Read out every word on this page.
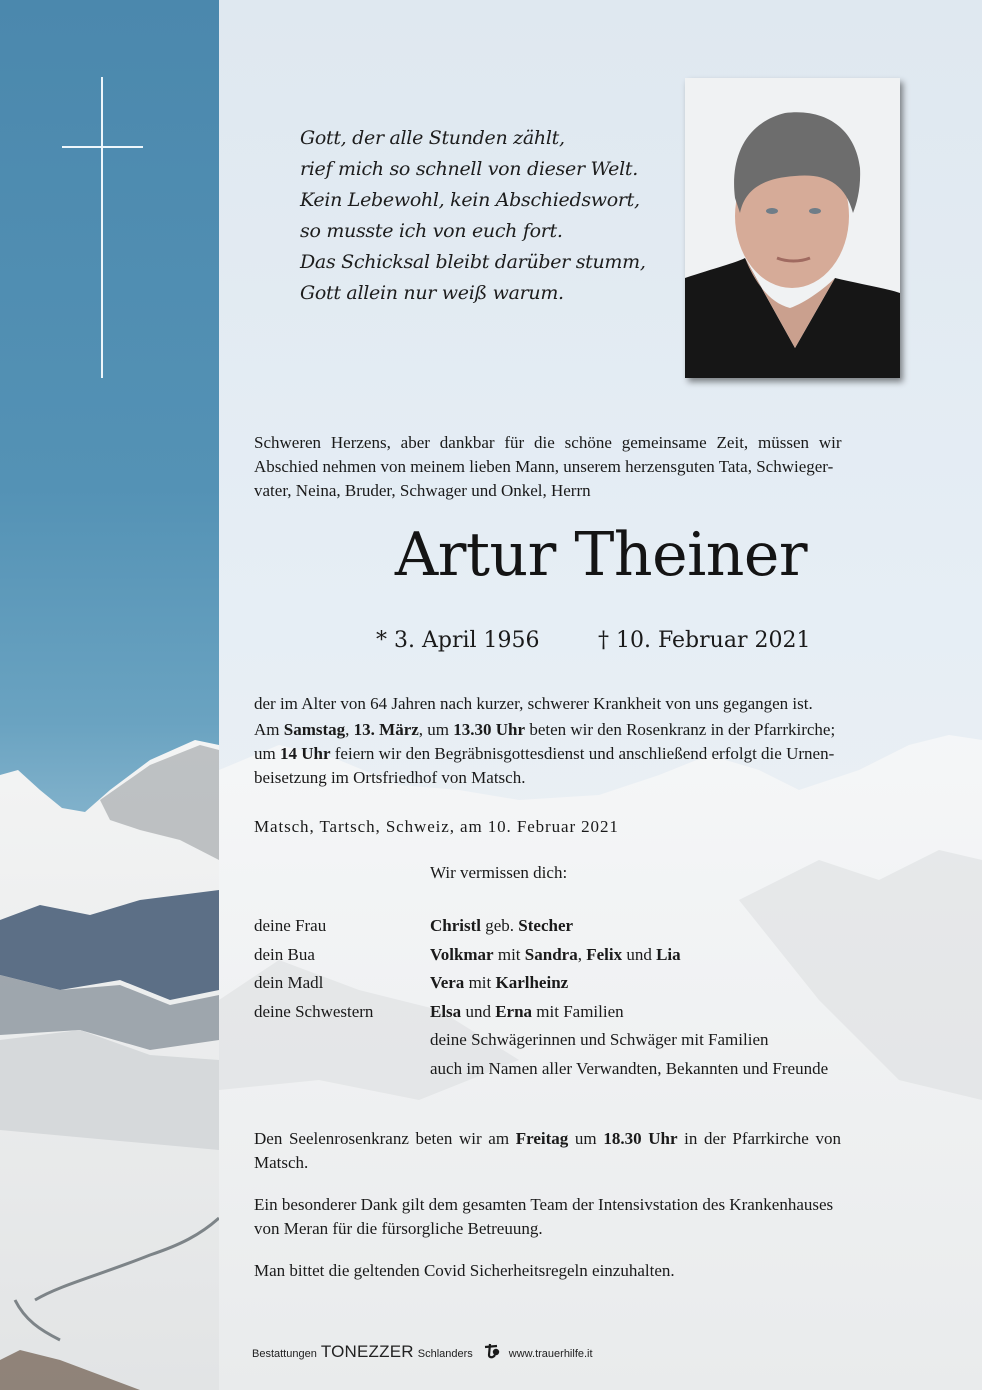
Gott, der alle Stunden zählt,
rief mich so schnell von dieser Welt.
Kein Lebewohl, kein Abschiedswort,
so musste ich von euch fort.
Das Schicksal bleibt darüber stumm,
Gott allein nur weiß warum.
Schweren Herzens, aber dankbar für die schöne gemeinsame Zeit, müssen wir
Abschied nehmen von meinem lieben Mann, unserem herzensguten Tata, Schwieger-
vater, Neina, Bruder, Schwager und Onkel, Herrn
Artur Theiner
* 3. April 1956	† 10. Februar 2021
der im Alter von 64 Jahren nach kurzer, schwerer Krankheit von uns gegangen ist.
Am Samstag, 13. März, um 13.30 Uhr beten wir den Rosenkranz in der Pfarrkirche;
um 14 Uhr feiern wir den Begräbnisgottesdienst und anschließend erfolgt die Urnen-
beisetzung im Ortsfriedhof von Matsch.
Matsch, Tartsch, Schweiz, am 10. Februar 2021
Wir vermissen dich:
deine Frau	Christl geb. Stecher
dein Bua	Volkmar mit Sandra, Felix und Lia
dein Madl	Vera mit Karlheinz
deine Schwestern	Elsa und Erna mit Familien
deine Schwägerinnen und Schwäger mit Familien
auch im Namen aller Verwandten, Bekannten und Freunde
Den Seelenrosenkranz beten wir am Freitag um 18.30 Uhr in der Pfarrkirche von
Matsch.
Ein besonderer Dank gilt dem gesamten Team der Intensivstation des Krankenhauses
von Meran für die fürsorgliche Betreuung.
Man bittet die geltenden Covid Sicherheitsregeln einzuhalten.
Bestattungen TONEZZER Schlanders	www.trauerhilfe.it
